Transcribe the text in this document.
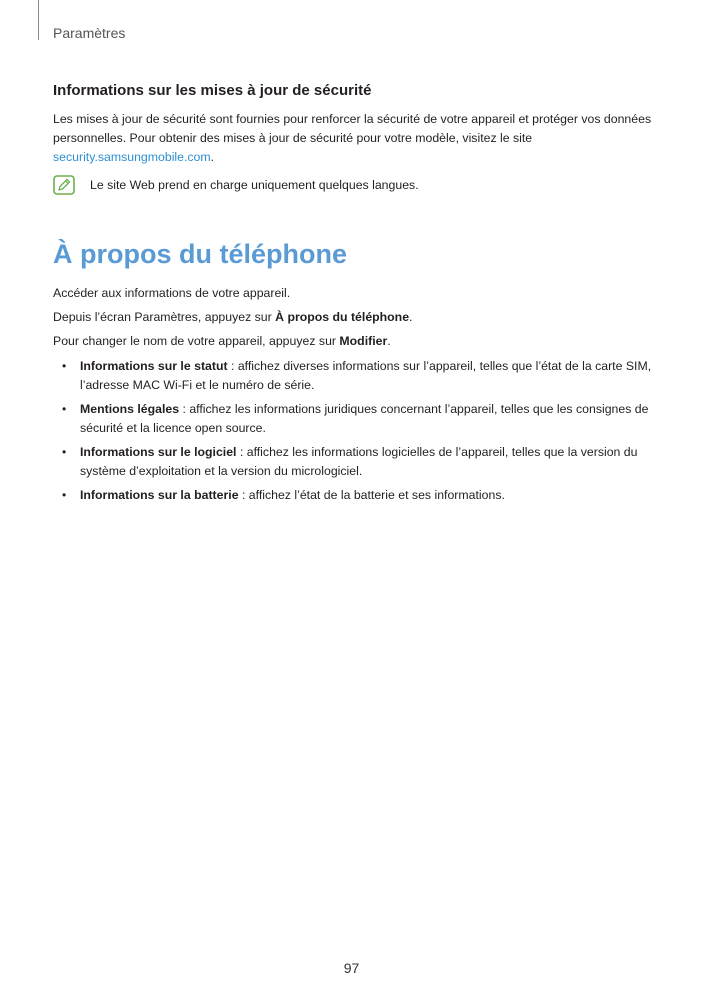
Paramètres
Informations sur les mises à jour de sécurité

Les mises à jour de sécurité sont fournies pour renforcer la sécurité de votre appareil et protéger vos données personnelles. Pour obtenir des mises à jour de sécurité pour votre modèle, visitez le site security.samsungmobile.com.

Le site Web prend en charge uniquement quelques langues.
À propos du téléphone

Accéder aux informations de votre appareil.

Depuis l’écran Paramètres, appuyez sur À propos du téléphone.

Pour changer le nom de votre appareil, appuyez sur Modifier.

• Informations sur le statut : affichez diverses informations sur l’appareil, telles que l’état de la carte SIM, l’adresse MAC Wi-Fi et le numéro de série.
• Mentions légales : affichez les informations juridiques concernant l’appareil, telles que les consignes de sécurité et la licence open source.
• Informations sur le logiciel : affichez les informations logicielles de l’appareil, telles que la version du système d’exploitation et la version du micrologiciel.
• Informations sur la batterie : affichez l’état de la batterie et ses informations.
97
